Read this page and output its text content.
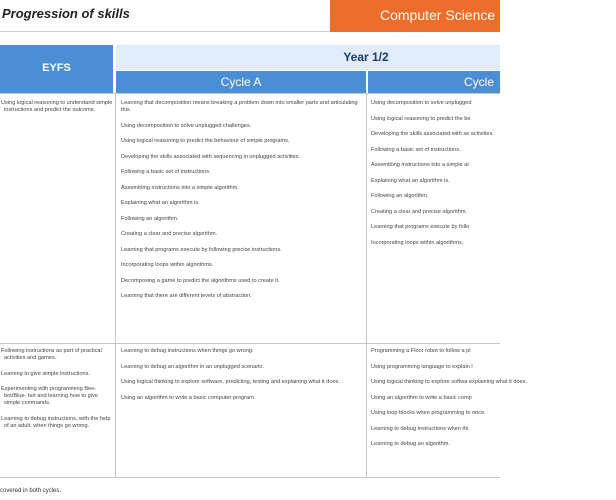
Progression of skills	Computer Science
EYFS
Year 1/2
Cycle A	Cycle

Using logical reasoning to understand simple instructions and predict the outcome.

Learning that decomposition means breaking a problem down into smaller parts and articulating this.

Using decomposition to solve unplugged challenges.

Using logical reasoning to predict the behaviour of simple programs.

Developing the skills associated with sequencing in unplugged activities.

Following a basic set of instructions.

Assembling instructions into a simple algorithm.

Explaining what an algorithm is.

Following an algorithm.

Creating a clear and precise algorithm.

Learning that programs execute by following precise instructions.

Incorporating loops within algorithms.

Decomposing a game to predict the algorithms used to create it.

Learning that there are different levels of abstraction.

Using decomposition to solve unplugged

Using logical reasoning to predict the be

Developing the skills associated with se activities.

Following a basic set of instructions.

Assembling instructions into a simple al

Explaining what an algorithm is.

Following an algorithm.

Creating a clear and precise algorithm.

Learning that programs execute by follo

Incorporating loops within algorithms.

Following instructions as part of practical activities and games.

Learning to give simple instructions.

Experimenting with programming Bee-bot/Blue- bot and learning how to give simple commands.

Learning to debug instructions, with the help of an adult, when things go wrong.

Learning to debug instructions when things go wrong.

Learning to debug an algorithm in an unplugged scenario.

Using logical thinking to explore software, predicting, testing and explaining what it does.

Using an algorithm to write a basic computer program.

Programming a Floor robot to follow a pl

Using programming language to explain l

Using logical thinking to explore softwa explaining what it does.

Using an algorithm to write a basic comp

Using loop blocks when programming to once.

Learning to debug instructions when thi

Learning to debug an algorithm.

covered in both cycles.
